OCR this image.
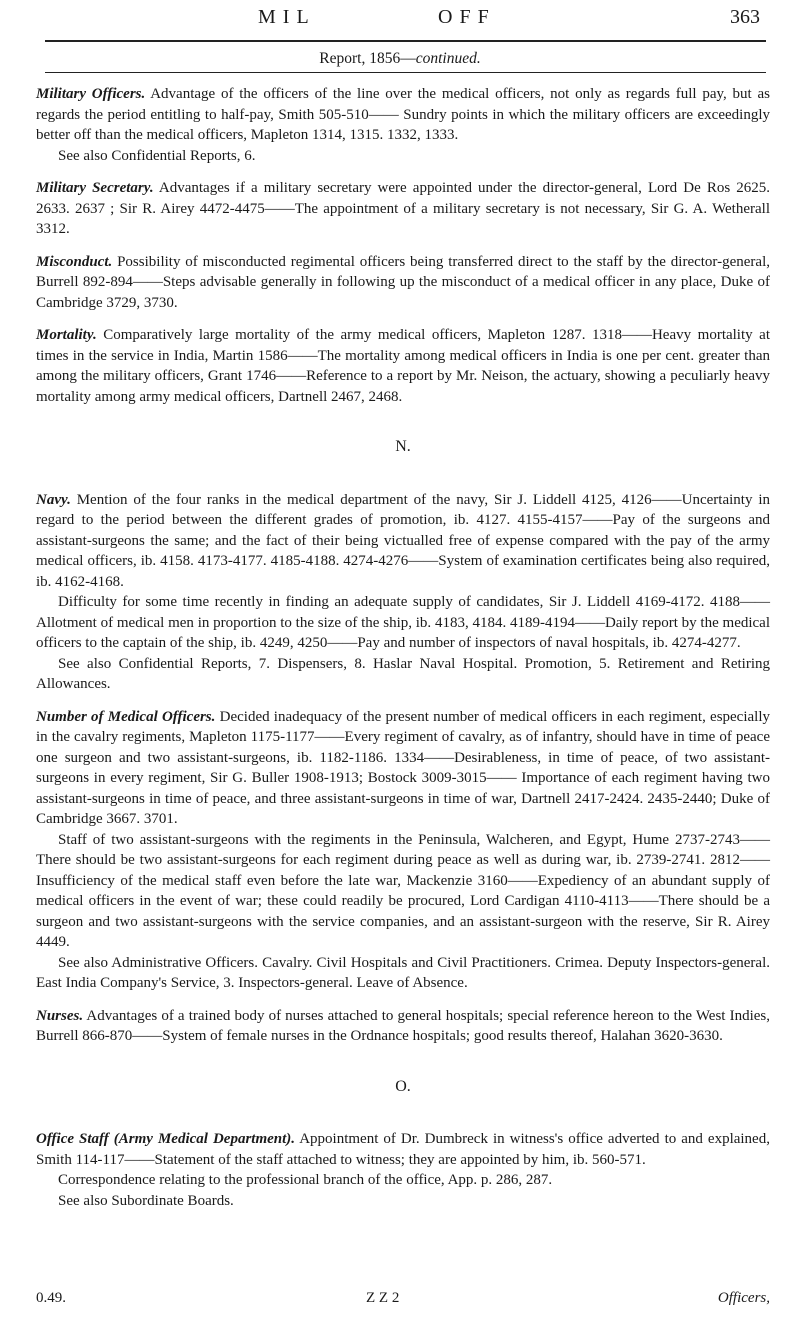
MIL	OFF	363
Report, 1856—continued.

Military Officers. Advantage of the officers of the line over the medical officers, not only as regards full pay, but as regards the period entitling to half-pay, Smith 505-510—— Sundry points in which the military officers are exceedingly better off than the medical officers, Mapleton 1314, 1315. 1332, 1333.

See also Confidential Reports, 6.

Military Secretary. Advantages if a military secretary were appointed under the director-general, Lord De Ros 2625. 2633. 2637 ; Sir R. Airey 4472-4475——The appointment of a military secretary is not necessary, Sir G. A. Wetherall 3312.

Misconduct. Possibility of misconducted regimental officers being transferred direct to the staff by the director-general, Burrell 892-894——Steps advisable generally in following up the misconduct of a medical officer in any place, Duke of Cambridge 3729, 3730.

Mortality. Comparatively large mortality of the army medical officers, Mapleton 1287. 1318——Heavy mortality at times in the service in India, Martin 1586——The mortality among medical officers in India is one per cent. greater than among the military officers, Grant 1746——Reference to a report by Mr. Neison, the actuary, showing a peculiarly heavy mortality among army medical officers, Dartnell 2467, 2468.

N.

Navy. Mention of the four ranks in the medical department of the navy, Sir J. Liddell 4125, 4126——Uncertainty in regard to the period between the different grades of promotion, ib. 4127. 4155-4157——Pay of the surgeons and assistant-surgeons the same; and the fact of their being victualled free of expense compared with the pay of the army medical officers, ib. 4158. 4173-4177. 4185-4188. 4274-4276——System of examination certificates being also required, ib. 4162-4168.

Difficulty for some time recently in finding an adequate supply of candidates, Sir J. Liddell 4169-4172. 4188——Allotment of medical men in proportion to the size of the ship, ib. 4183, 4184. 4189-4194——Daily report by the medical officers to the captain of the ship, ib. 4249, 4250——Pay and number of inspectors of naval hospitals, ib. 4274-4277.

See also Confidential Reports, 7. Dispensers, 8. Haslar Naval Hospital. Promotion, 5. Retirement and Retiring Allowances.

Number of Medical Officers. Decided inadequacy of the present number of medical officers in each regiment, especially in the cavalry regiments, Mapleton 1175-1177——Every regiment of cavalry, as of infantry, should have in time of peace one surgeon and two assistant-surgeons, ib. 1182-1186. 1334——Desirableness, in time of peace, of two assistant-surgeons in every regiment, Sir G. Buller 1908-1913; Bostock 3009-3015—— Importance of each regiment having two assistant-surgeons in time of peace, and three assistant-surgeons in time of war, Dartnell 2417-2424. 2435-2440; Duke of Cambridge 3667. 3701.

Staff of two assistant-surgeons with the regiments in the Peninsula, Walcheren, and Egypt, Hume 2737-2743——There should be two assistant-surgeons for each regiment during peace as well as during war, ib. 2739-2741. 2812——Insufficiency of the medical staff even before the late war, Mackenzie 3160——Expediency of an abundant supply of medical officers in the event of war; these could readily be procured, Lord Cardigan 4110-4113——There should be a surgeon and two assistant-surgeons with the service companies, and an assistant-surgeon with the reserve, Sir R. Airey 4449.

See also Administrative Officers. Cavalry. Civil Hospitals and Civil Practitioners. Crimea. Deputy Inspectors-general. East India Company's Service, 3. Inspectors-general. Leave of Absence.

Nurses. Advantages of a trained body of nurses attached to general hospitals; special reference hereon to the West Indies, Burrell 866-870——System of female nurses in the Ordnance hospitals; good results thereof, Halahan 3620-3630.

O.

Office Staff (Army Medical Department). Appointment of Dr. Dumbreck in witness's office adverted to and explained, Smith 114-117——Statement of the staff attached to witness; they are appointed by him, ib. 560-571.

Correspondence relating to the professional branch of the office, App. p. 286, 287.

See also Subordinate Boards.

0.49.	Z Z 2	Officers,
